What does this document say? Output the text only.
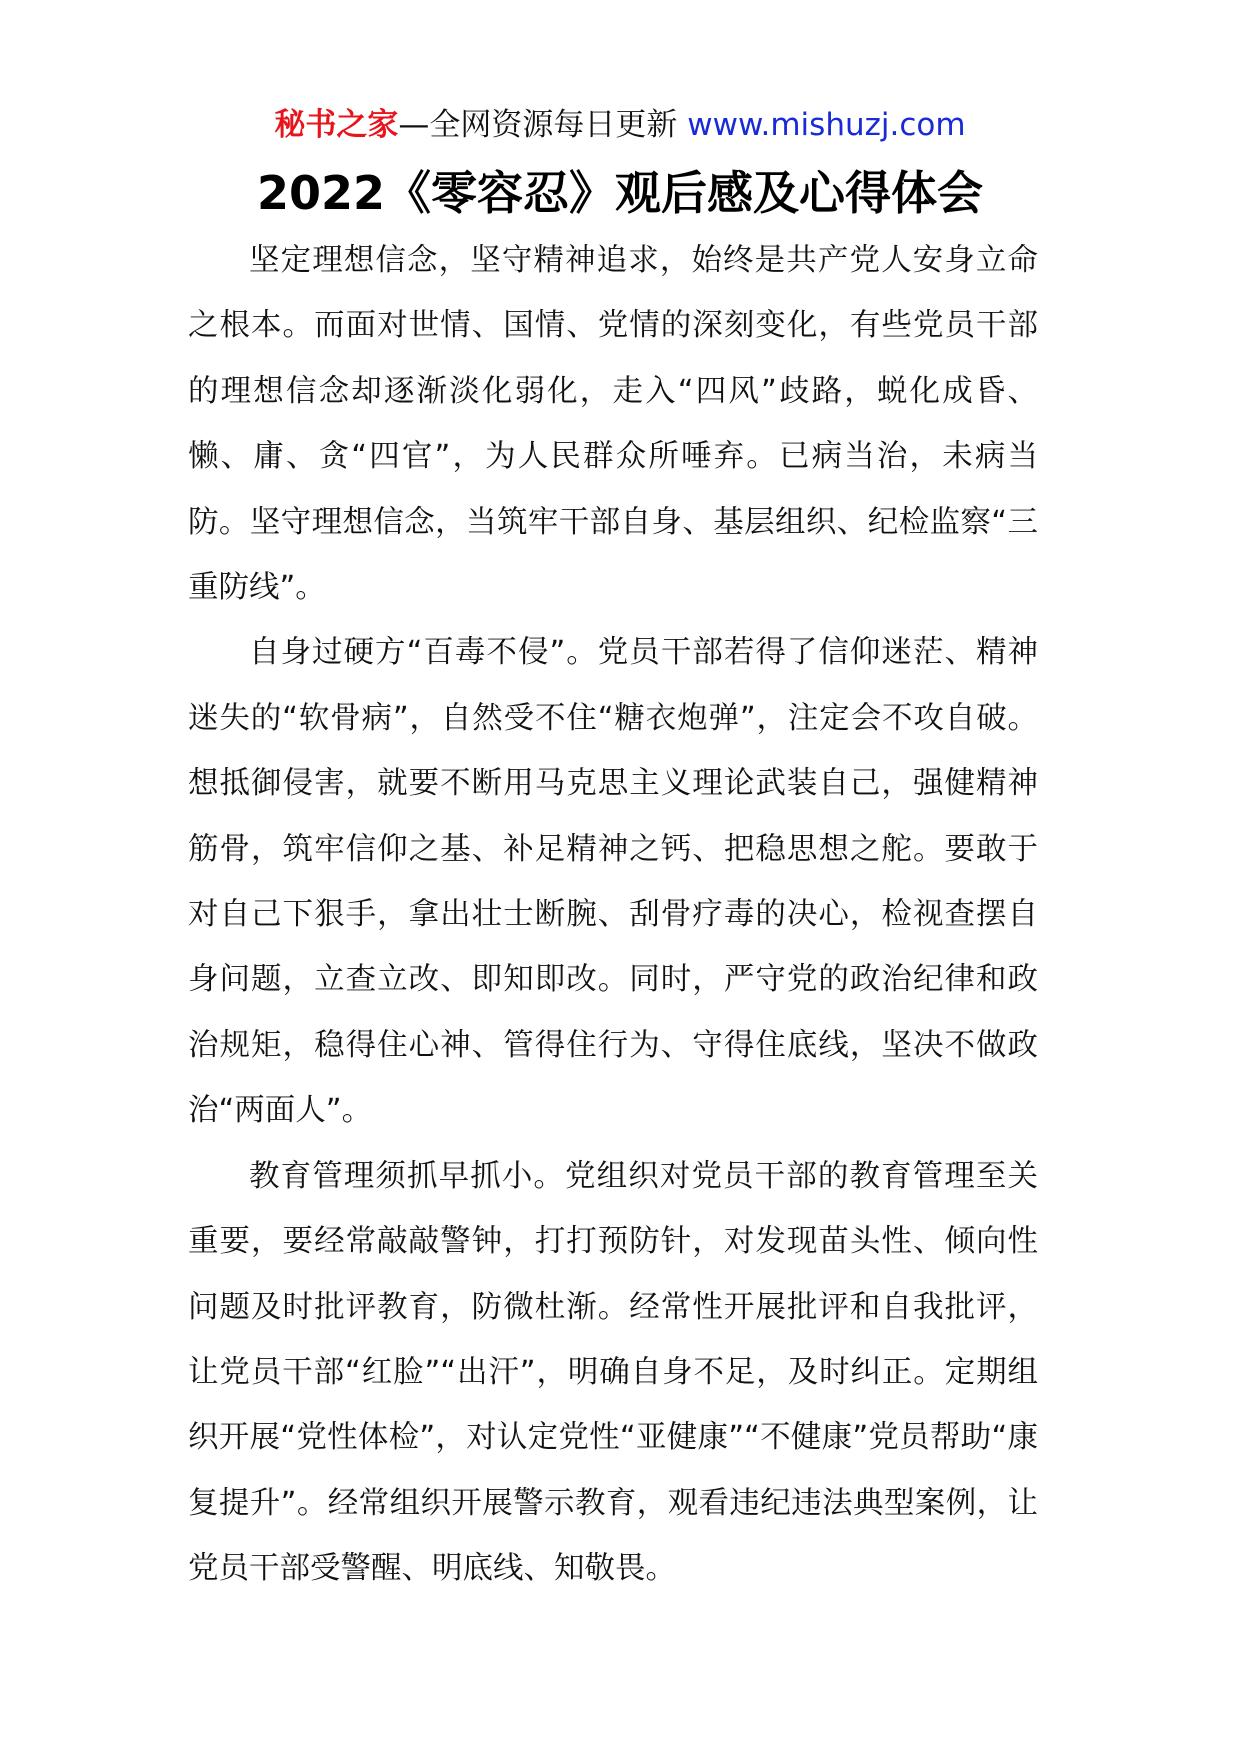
秘书之家—全网资源每日更新 www.mishuzj.com
2022《零容忍》观后感及心得体会

坚定理想信念，坚守精神追求，始终是共产党人安身立命之根本。而面对世情、国情、党情的深刻变化，有些党员干部的理想信念却逐渐淡化弱化，走入“四风”歧路，蜕化成昏、懒、庸、贪“四官”，为人民群众所唾弃。已病当治，未病当防。坚守理想信念，当筑牢干部自身、基层组织、纪检监察“三重防线”。

自身过硬方“百毒不侵”。党员干部若得了信仰迷茫、精神迷失的“软骨病”，自然受不住“糖衣炮弹”，注定会不攻自破。想抵御侵害，就要不断用马克思主义理论武装自己，强健精神筋骨，筑牢信仰之基、补足精神之钙、把稳思想之舵。要敢于对自己下狠手，拿出壮士断腕、刮骨疗毒的决心，检视查摆自身问题，立查立改、即知即改。同时，严守党的政治纪律和政治规矩，稳得住心神、管得住行为、守得住底线，坚决不做政治“两面人”。

教育管理须抓早抓小。党组织对党员干部的教育管理至关重要，要经常敲敲警钟，打打预防针，对发现苗头性、倾向性问题及时批评教育，防微杜渐。经常性开展批评和自我批评，让党员干部“红脸”“出汗”，明确自身不足，及时纠正。定期组织开展“党性体检”，对认定党性“亚健康”“不健康”党员帮助“康复提升”。经常组织开展警示教育，观看违纪违法典型案例，让党员干部受警醒、明底线、知敬畏。
